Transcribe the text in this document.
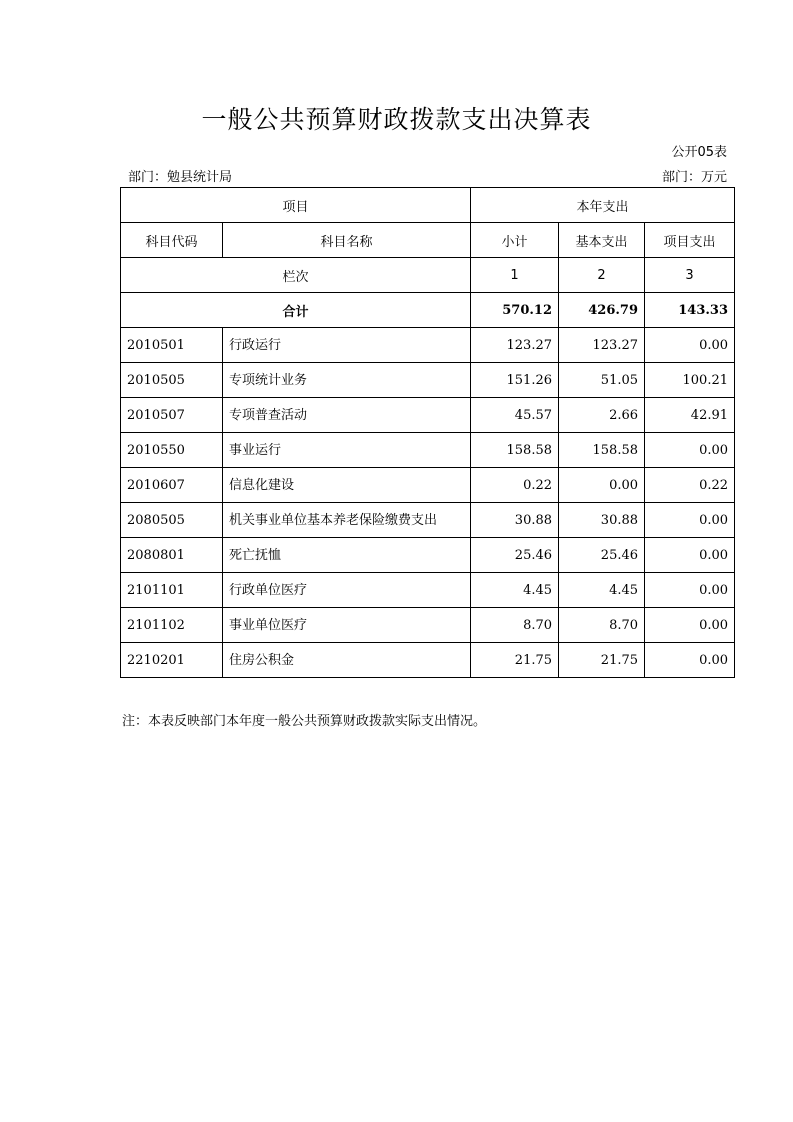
一般公共预算财政拨款支出决算表
公开05表
部门：勉县统计局	部门：万元
项目		本年支出		
科目代码	科目名称	小计	基本支出	项目支出
栏次		1	2	3
合计		570.12	426.79	143.33
2010501	行政运行	123.27	123.27	0.00
2010505	专项统计业务	151.26	51.05	100.21
2010507	专项普查活动	45.57	2.66	42.91
2010550	事业运行	158.58	158.58	0.00
2010607	信息化建设	0.22	0.00	0.22
2080505	机关事业单位基本养老保险缴费支出	30.88	30.88	0.00
2080801	死亡抚恤	25.46	25.46	0.00
2101101	行政单位医疗	4.45	4.45	0.00
2101102	事业单位医疗	8.70	8.70	0.00
2210201	住房公积金	21.75	21.75	0.00
注：本表反映部门本年度一般公共预算财政拨款实际支出情况。
